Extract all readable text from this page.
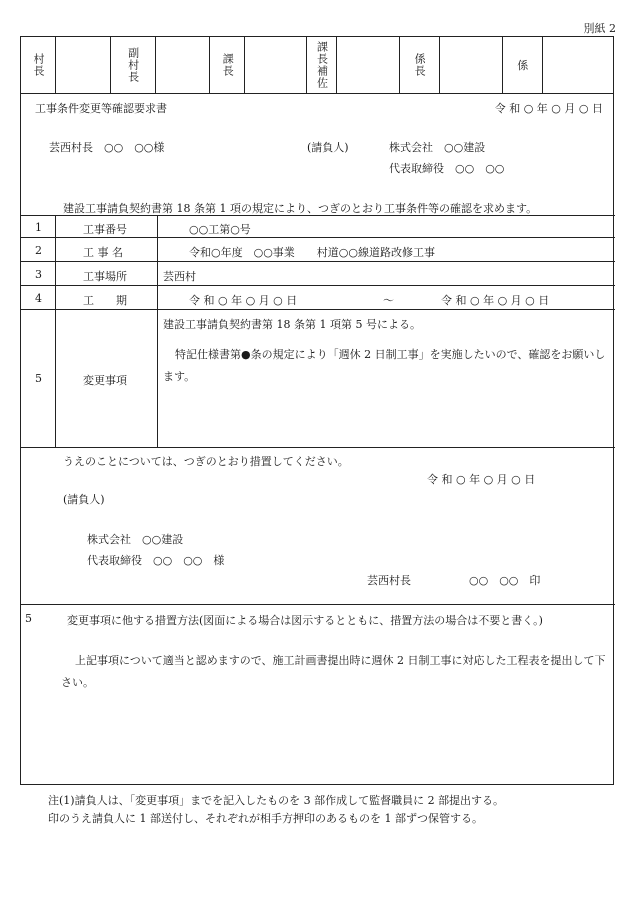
別紙 2
村長	副村長	課長	課長補佐	係長	係
工事条件変更等確認要求書	令 和 ○ 年 ○ 月 ○ 日
芸西村長　○○　○○様	(請負人)	株式会社　○○建設
代表取締役　○○　○○
建設工事請負契約書第 18 条第 1 項の規定により、つぎのとおり工事条件等の確認を求めます。
1	工事番号	○○工第○号
2	工 事 名	令和○年度　○○事業　　村道○○線道路改修工事
3	工事場所	芸西村
4	工　　期	令 和 ○ 年 ○ 月 ○ 日	～	令 和 ○ 年 ○ 月 ○ 日
5	変更事項
建設工事請負契約書第 18 条第 1 項第 5 号による。
特記仕様書第●条の規定により「週休 2 日制工事」を実施したいので、確認をお願いします。
うえのことについては、つぎのとおり措置してください。
令 和 ○ 年 ○ 月 ○ 日
(請負人)
株式会社　○○建設
代表取締役　○○　○○　様
芸西村長	○○　○○　印
5	変更事項に他する措置方法(図面による場合は図示するとともに、措置方法の場合は不要と書く。)
上記事項について適当と認めますので、施工計画書提出時に週休 2 日制工事に対応した工程表を提出して下さい。
注(1)請負人は、「変更事項」までを記入したものを 3 部作成して監督職員に 2 部提出する。
印のうえ請負人に 1 部送付し、それぞれが相手方押印のあるものを 1 部ずつ保管する。
